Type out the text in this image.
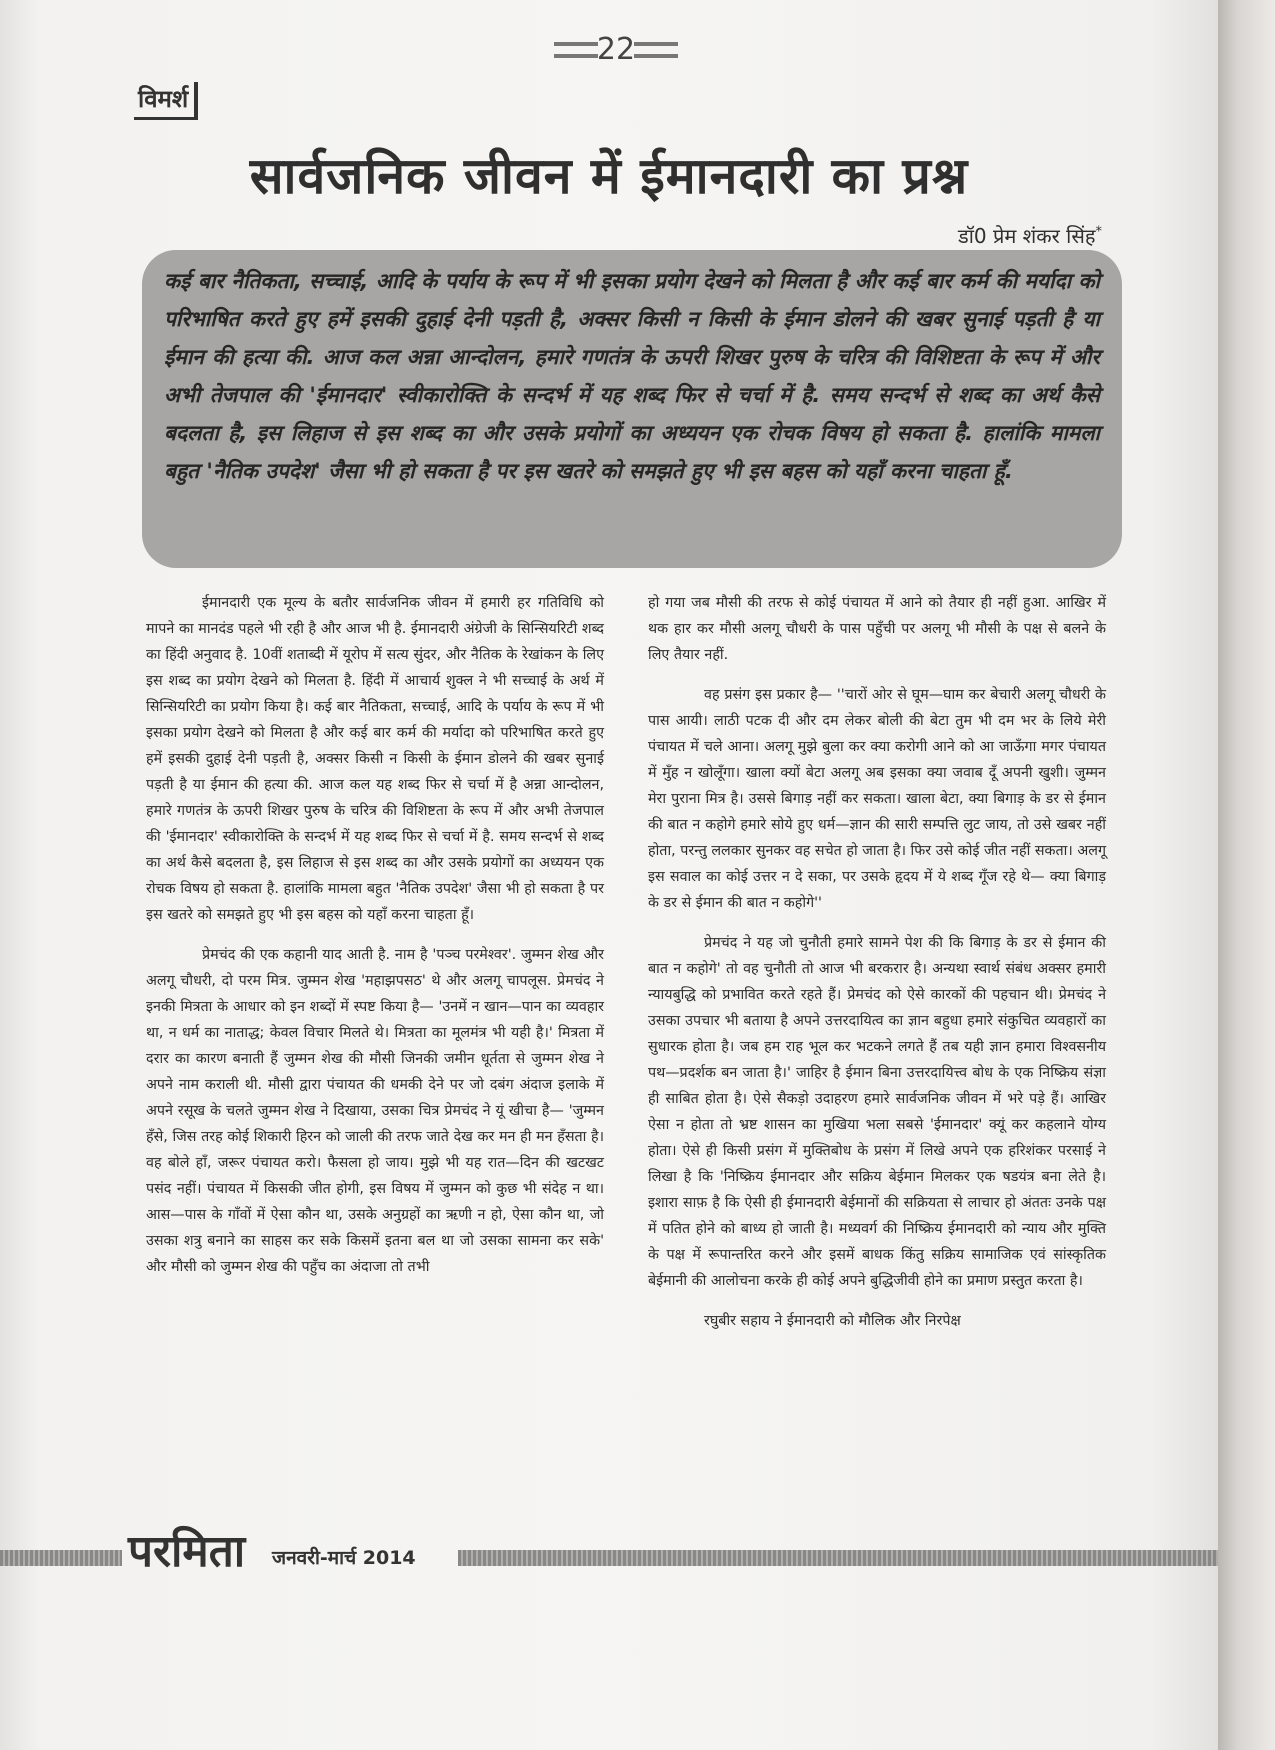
22
विमर्श
सार्वजनिक जीवन में ईमानदारी का प्रश्न
डॉ0 प्रेम शंकर सिंह*
कई बार नैतिकता, सच्चाई, आदि के पर्याय के रूप में भी इसका प्रयोग देखने को मिलता है और कई बार कर्म की मर्यादा को परिभाषित करते हुए हमें इसकी दुहाई देनी पड़ती है, अक्सर किसी न किसी के ईमान डोलने की खबर सुनाई पड़ती है या ईमान की हत्या की. आज कल अन्ना आन्दोलन, हमारे गणतंत्र के ऊपरी शिखर पुरुष के चरित्र की विशिष्टता के रूप में और अभी तेजपाल की 'ईमानदार' स्वीकारोक्ति के सन्दर्भ में यह शब्द फिर से चर्चा में है. समय सन्दर्भ से शब्द का अर्थ कैसे बदलता है, इस लिहाज से इस शब्द का और उसके प्रयोगों का अध्ययन एक रोचक विषय हो सकता है. हालांकि मामला बहुत 'नैतिक उपदेश' जैसा भी हो सकता है पर इस खतरे को समझते हुए भी इस बहस को यहाँ करना चाहता हूँ.

ईमानदारी एक मूल्य के बतौर सार्वजनिक जीवन में हमारी हर गतिविधि को मापने का मानदंड पहले भी रही है और आज भी है. ईमानदारी अंग्रेजी के सिन्सियरिटी शब्द का हिंदी अनुवाद है. 10वीं शताब्दी में यूरोप में सत्य सुंदर, और नैतिक के रेखांकन के लिए इस शब्द का प्रयोग देखने को मिलता है. हिंदी में आचार्य शुक्ल ने भी सच्चाई के अर्थ में सिन्सियरिटी का प्रयोग किया है। कई बार नैतिकता, सच्चाई, आदि के पर्याय के रूप में भी इसका प्रयोग देखने को मिलता है और कई बार कर्म की मर्यादा को परिभाषित करते हुए हमें इसकी दुहाई देनी पड़ती है, अक्सर किसी न किसी के ईमान डोलने की खबर सुनाई पड़ती है या ईमान की हत्या की. आज कल यह शब्द फिर से चर्चा में है अन्ना आन्दोलन, हमारे गणतंत्र के ऊपरी शिखर पुरुष के चरित्र की विशिष्टता के रूप में और अभी तेजपाल की 'ईमानदार' स्वीकारोक्ति के सन्दर्भ में यह शब्द फिर से चर्चा में है. समय सन्दर्भ से शब्द का अर्थ कैसे बदलता है, इस लिहाज से इस शब्द का और उसके प्रयोगों का अध्ययन एक रोचक विषय हो सकता है. हालांकि मामला बहुत 'नैतिक उपदेश' जैसा भी हो सकता है पर इस खतरे को समझते हुए भी इस बहस को यहाँ करना चाहता हूँ।

प्रेमचंद की एक कहानी याद आती है. नाम है 'पञ्च परमेश्वर'. जुम्मन शेख और अलगू चौधरी, दो परम मित्र. जुम्मन शेख 'महाझपसठ' थे और अलगू चापलूस. प्रेमचंद ने इनकी मित्रता के आधार को इन शब्दों में स्पष्ट किया है— 'उनमें न खान—पान का व्यवहार था, न धर्म का नाताद्ध; केवल विचार मिलते थे। मित्रता का मूलमंत्र भी यही है।' मित्रता में दरार का कारण बनाती हैं जुम्मन शेख की मौसी जिनकी जमीन धूर्तता से जुम्मन शेख ने अपने नाम कराली थी. मौसी द्वारा पंचायत की धमकी देने पर जो दबंग अंदाज इलाके में अपने रसूख के चलते जुम्मन शेख ने दिखाया, उसका चित्र प्रेमचंद ने यूं खीचा है— 'जुम्मन हँसे, जिस तरह कोई शिकारी हिरन को जाली की तरफ जाते देख कर मन ही मन हँसता है। वह बोले हाँ, जरूर पंचायत करो। फैसला हो जाय। मुझे भी यह रात—दिन की खटखट पसंद नहीं। पंचायत में किसकी जीत होगी, इस विषय में जुम्मन को कुछ भी संदेह न था। आस—पास के गाँवों में ऐसा कौन था, उसके अनुग्रहों का ऋणी न हो, ऐसा कौन था, जो उसका शत्रु बनाने का साहस कर सके किसमें इतना बल था जो उसका सामना कर सके' और मौसी को जुम्मन शेख की पहुँच का अंदाजा तो तभी

हो गया जब मौसी की तरफ से कोई पंचायत में आने को तैयार ही नहीं हुआ. आखिर में थक हार कर मौसी अलगू चौधरी के पास पहुँची पर अलगू भी मौसी के पक्ष से बलने के लिए तैयार नहीं.

वह प्रसंग इस प्रकार है— ''चारों ओर से घूम—घाम कर बेचारी अलगू चौधरी के पास आयी। लाठी पटक दी और दम लेकर बोली की बेटा तुम भी दम भर के लिये मेरी पंचायत में चले आना। अलगू मुझे बुला कर क्या करोगी आने को आ जाऊँगा मगर पंचायत में मुँह न खोलूँगा। खाला क्यों बेटा अलगू अब इसका क्या जवाब दूँ अपनी खुशी। जुम्मन मेरा पुराना मित्र है। उससे बिगाड़ नहीं कर सकता। खाला बेटा, क्या बिगाड़ के डर से ईमान की बात न कहोगे हमारे सोये हुए धर्म—ज्ञान की सारी सम्पत्ति लुट जाय, तो उसे खबर नहीं होता, परन्तु ललकार सुनकर वह सचेत हो जाता है। फिर उसे कोई जीत नहीं सकता। अलगू इस सवाल का कोई उत्तर न दे सका, पर उसके हृदय में ये शब्द गूँज रहे थे— क्या बिगाड़ के डर से ईमान की बात न कहोगे''

प्रेमचंद ने यह जो चुनौती हमारे सामने पेश की कि बिगाड़ के डर से ईमान की बात न कहोगे' तो वह चुनौती तो आज भी बरकरार है। अन्यथा स्वार्थ संबंध अक्सर हमारी न्यायबुद्धि को प्रभावित करते रहते हैं। प्रेमचंद को ऐसे कारकों की पहचान थी। प्रेमचंद ने उसका उपचार भी बताया है अपने उत्तरदायित्व का ज्ञान बहुधा हमारे संकुचित व्यवहारों का सुधारक होता है। जब हम राह भूल कर भटकने लगते हैं तब यही ज्ञान हमारा विश्वसनीय पथ—प्रदर्शक बन जाता है।' जाहिर है ईमान बिना उत्तरदायित्त्व बोध के एक निष्क्रिय संज्ञा ही साबित होता है। ऐसे सैकड़ो उदाहरण हमारे सार्वजनिक जीवन में भरे पड़े हैं। आखिर ऐसा न होता तो भ्रष्ट शासन का मुखिया भला सबसे 'ईमानदार' क्यूं कर कहलाने योग्य होता। ऐसे ही किसी प्रसंग में मुक्तिबोध के प्रसंग में लिखे अपने एक हरिशंकर परसाई ने लिखा है कि 'निष्क्रिय ईमानदार और सक्रिय बेईमान मिलकर एक षडयंत्र बना लेते है। इशारा साफ़ है कि ऐसी ही ईमानदारी बेईमानों की सक्रियता से लाचार हो अंततः उनके पक्ष में पतित होने को बाध्य हो जाती है। मध्यवर्ग की निष्क्रिय ईमानदारी को न्याय और मुक्ति के पक्ष में रूपान्तरित करने और इसमें बाधक किंतु सक्रिय सामाजिक एवं सांस्कृतिक बेईमानी की आलोचना करके ही कोई अपने बुद्धिजीवी होने का प्रमाण प्रस्तुत करता है।

रघुबीर सहाय ने ईमानदारी को मौलिक और निरपेक्ष

परमिता जनवरी-मार्च 2014
